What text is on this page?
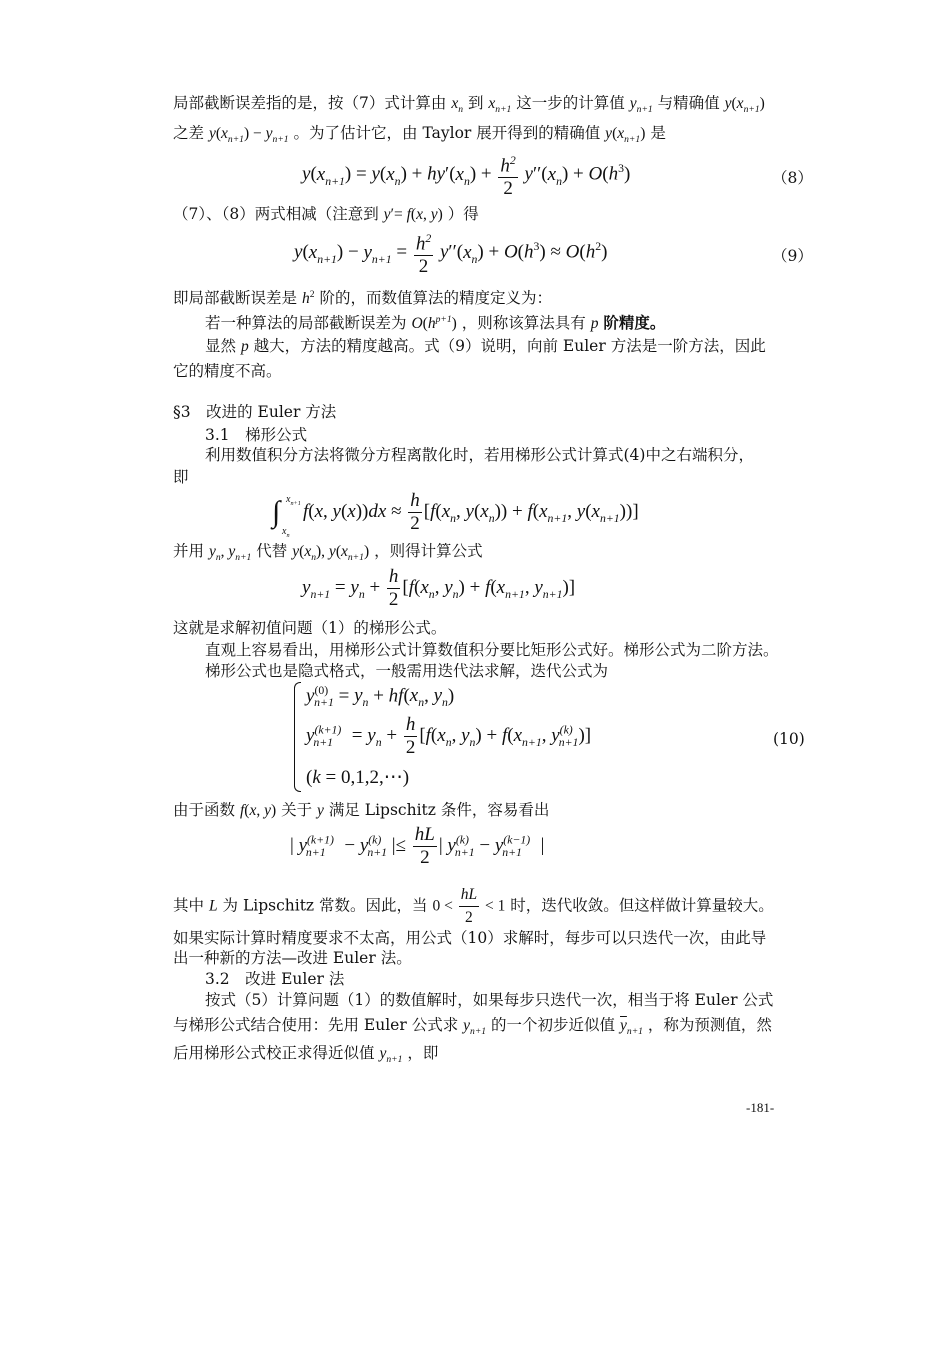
局部截断误差指的是，按（7）式计算由 $x_n$ 到 $x_{n+1}$ 这一步的计算值 $y_{n+1}$ 与精确值 $y(x_{n+1})$
之差 $y(x_{n+1}) - y_{n+1}$ 。为了估计它，由 Taylor 展开得到的精确值 $y(x_{n+1})$ 是
$y(x_{n+1}) = y(x_n) + hy'(x_n) + \frac{h^2}{2} y''(x_n) + O(h^3)$	（8）
（7）、（8）两式相减（注意到 y′= f(x, y) ）得
$y(x_{n+1}) - y_{n+1} = \frac{h^2}{2} y''(x_n) + O(h^3) \approx O(h^2)$	（9）
即局部截断误差是 $h^2$ 阶的，而数值算法的精度定义为：
若一种算法的局部截断误差为 $O(h^{p+1})$ ，则称该算法具有 p 阶精度。
显然 p 越大，方法的精度越高。式（9）说明，向前 Euler 方法是一阶方法，因此
它的精度不高。
§3　改进的 Euler 方法
3.1　梯形公式
利用数值积分方法将微分方程离散化时，若用梯形公式计算式(4)中之右端积分，
即
∫ $x_{n+1}$
$x_n$
f(x, $y(x))dx \approx \frac{h}{2} [f(x_n$, $y(x_n)) + f(x_{n+1}$, $y(x_{n+1})$)]
并用 $y_n$, $y_{n+1}$ 代替 $y(x_n)$, $y(x_{n+1})$ ，则得计算公式
$y_{n+1} = y_n + \frac{h}{2} [f(x_n$, $y_n) + f(x_{n+1}$, $y_{n+1}$)]
这就是求解初值问题（1）的梯形公式。
直观上容易看出，用梯形公式计算数值积分要比矩形公式好。梯形公式为二阶方法。
梯形公式也是隐式格式，一般需用迭代法求解，迭代公式为
$y^{(0)}_{n+1} = y_n + hf(x_n$, $y_n$)
$y^{(k+1)}_{n+1} = y_n + \frac{h}{2} [f(x_n$, $y_n) + f(x_{n+1}$, $y^{(k)}_{n+1}$)]
(k = 0,1,2,⋯)
(10)
由于函数 f(x, y) 关于 y 满足 Lipschitz 条件，容易看出
| $y^{(k+1)}_{n+1} - y^{(k)}_{n+1}$ |≤ $\frac{hL}{2}$ | $y^{(k)}_{n+1} - y^{(k-1)}_{n+1}$ |
其中 L 为 Lipschitz 常数。因此，当 $0 < \frac{hL}{2} < 1$ 时，迭代收敛。但这样做计算量较大。
如果实际计算时精度要求不太高，用公式（10）求解时，每步可以只迭代一次，由此导
出一种新的方法—改进 Euler 法。
3.2　改进 Euler 法
按式（5）计算问题（1）的数值解时，如果每步只迭代一次，相当于将 Euler 公式
与梯形公式结合使用：先用 Euler 公式求 $y_{n+1}$ 的一个初步近似值 $\overline{y}_{n+1}$ ，称为预测值，然
后用梯形公式校正求得近似值 $y_{n+1}$ ，即
-181-
